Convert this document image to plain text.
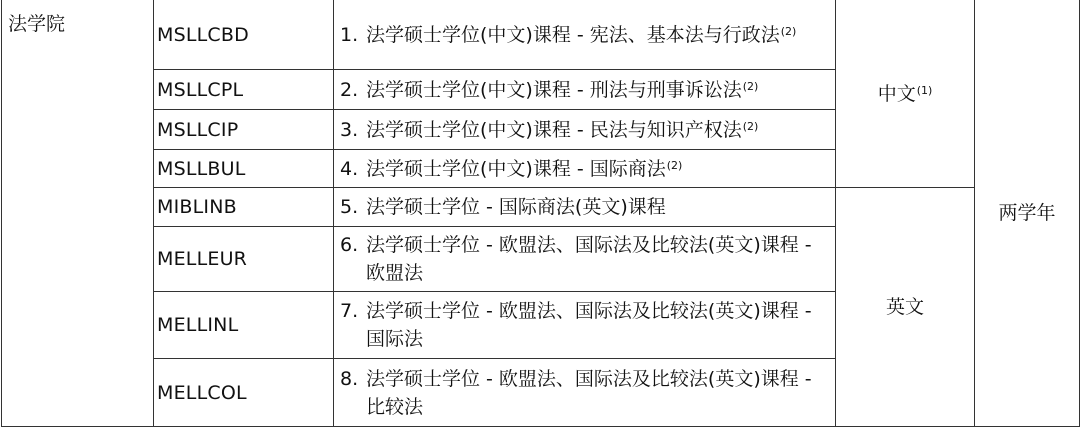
法学院	MSLLCBD	1. 法学硕士学位(中文)课程 - 宪法、基本法与行政法$^{(2)}$	中文$^{(1)}$	两学年
	MSLLCPL	2. 法学硕士学位(中文)课程 - 刑法与刑事诉讼法$^{(2)}$

	MSLLCIP	3. 法学硕士学位(中文)课程 - 民法与知识产权法$^{(2)}$

	MSLLBUL	4. 法学硕士学位(中文)课程 - 国际商法$^{(2)}$

	MIBLINB	5. 法学硕士学位 - 国际商法(英文)课程	英文	
	MELLEUR	6. 法学硕士学位 - 欧盟法、国际法及比较法(英文)课程 - 欧盟法		

	MELLINL	7. 法学硕士学位 - 欧盟法、国际法及比较法(英文)课程 - 国际法		

	MELLCOL	8. 法学硕士学位 - 欧盟法、国际法及比较法(英文)课程 - 比较法		
